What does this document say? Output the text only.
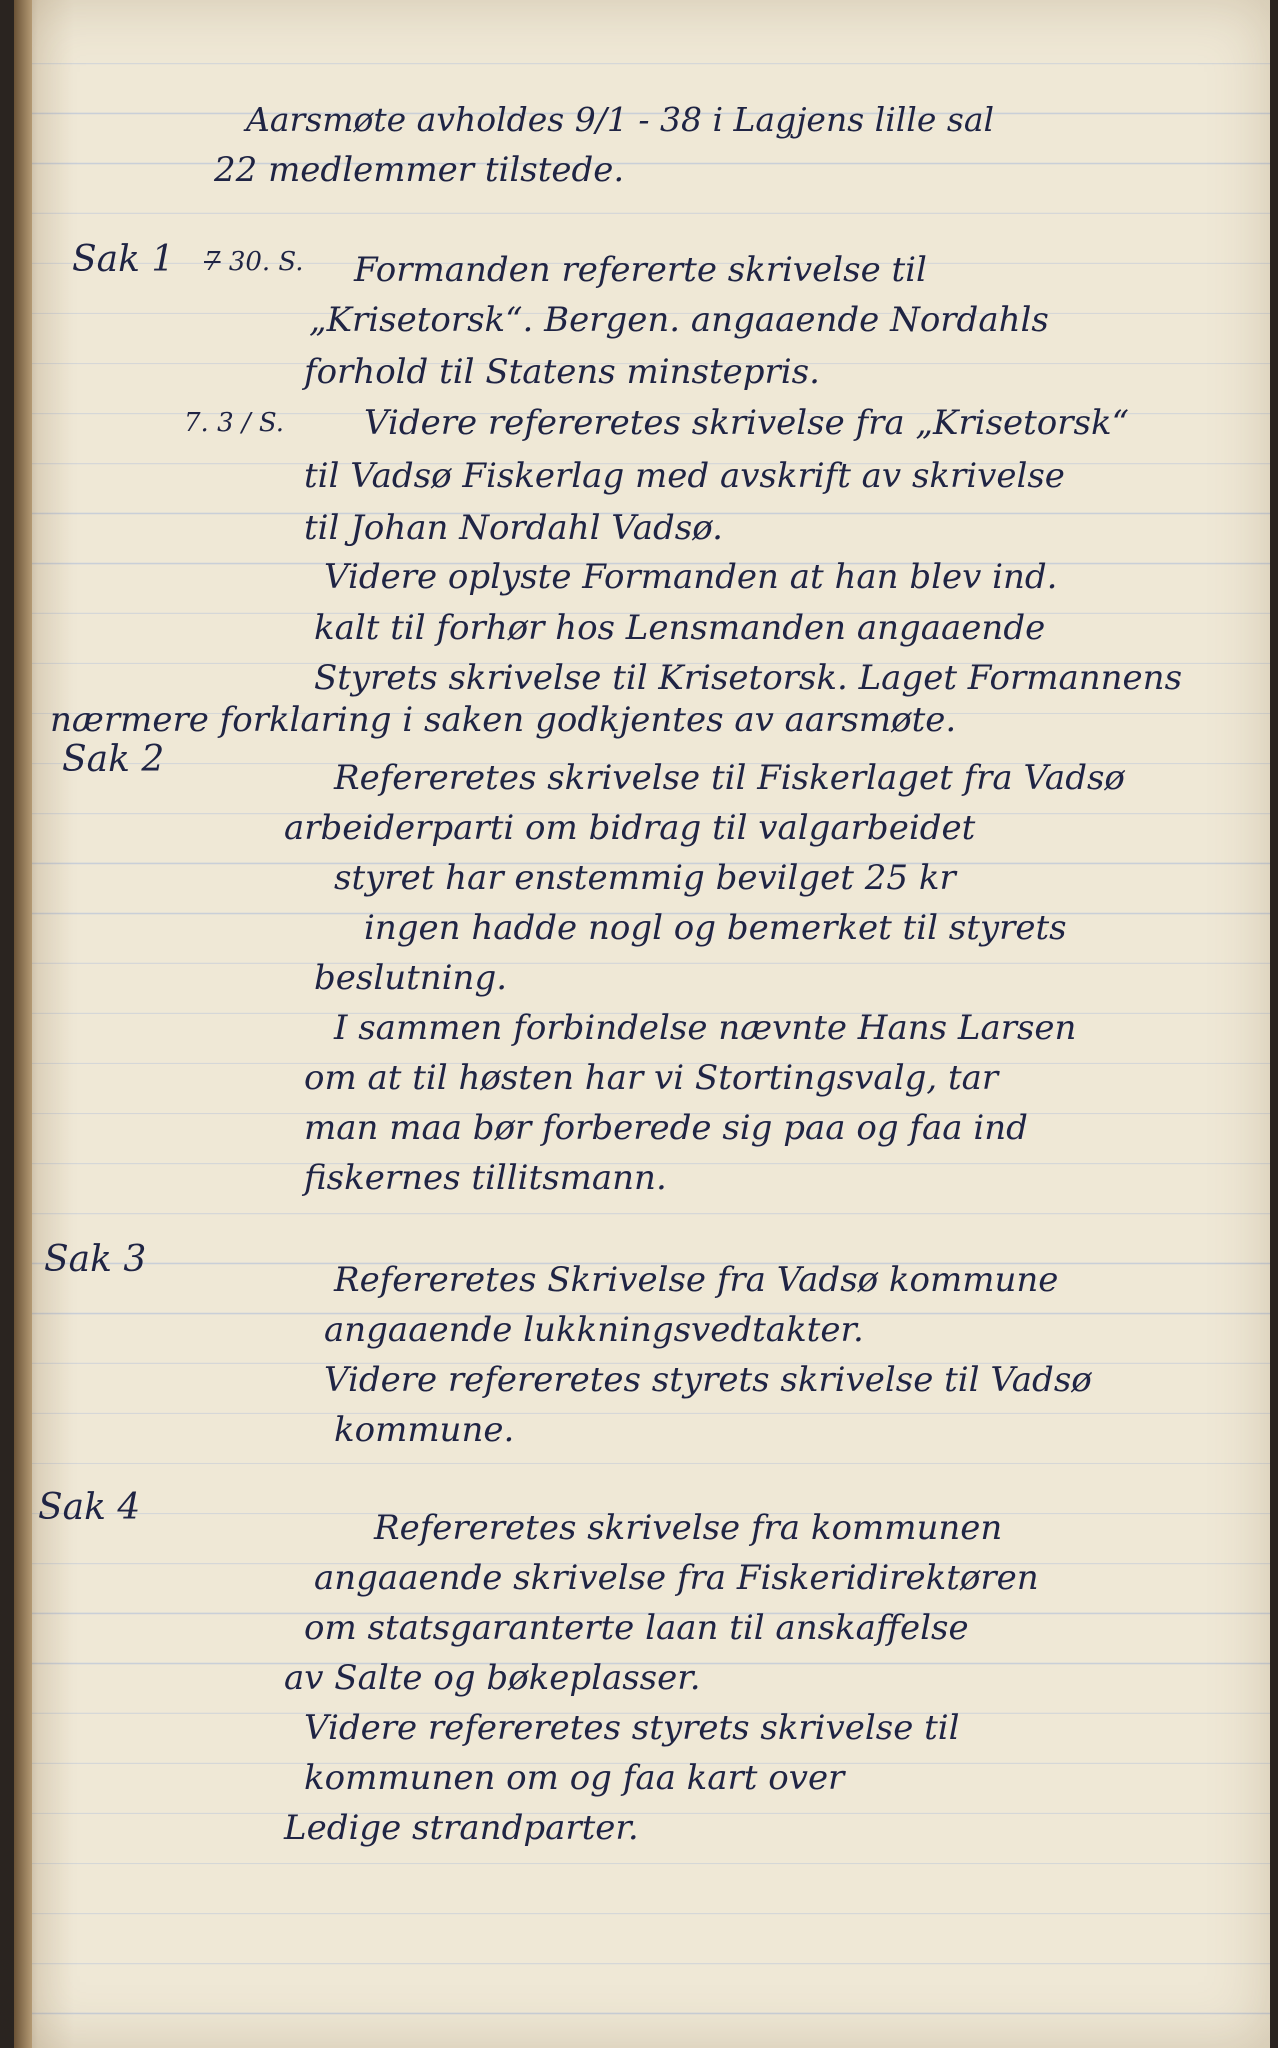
Aarsmøte avholdes 9/1 - 38 i Lagjens lille sal
22 medlemmer tilstede.
Sak 1 7 30. S. Formanden refererte skrivelse til
„Krisetorsk“. Bergen. angaaende Nordahls
forhold til Statens minstepris.
7. 3 / S. Videre refereretes skrivelse fra „Krisetorsk“
til Vadsø Fiskerlag med avskrift av skrivelse
til Johan Nordahl Vadsø.
Videre oplyste Formanden at han blev ind.
kalt til forhør hos Lensmanden angaaende
Styrets skrivelse til Krisetorsk. Laget Formannens
nærmere forklaring i saken godkjentes av aarsmøte.
Sak 2	Refereretes skrivelse til Fiskerlaget fra Vadsø
arbeiderparti om bidrag til valgarbeidet
styret har enstemmig bevilget 25 kr
ingen hadde nogl og bemerket til styrets
beslutning.
I sammen forbindelse nævnte Hans Larsen
om at til høsten har vi Stortingsvalg, tar
man maa bør forberede sig paa og faa ind
fiskernes tillitsmann.
Sak 3	Refereretes Skrivelse fra Vadsø kommune
angaaende lukkningsvedtakter.
Videre refereretes styrets skrivelse til Vadsø
kommune.
Sak 4	Refereretes skrivelse fra kommunen
angaaende skrivelse fra Fiskeridirektøren
om statsgaranterte laan til anskaffelse
av Salte og bøkeplasser.
Videre refereretes styrets skrivelse til
kommunen om og faa kart over
Ledige strandparter.
